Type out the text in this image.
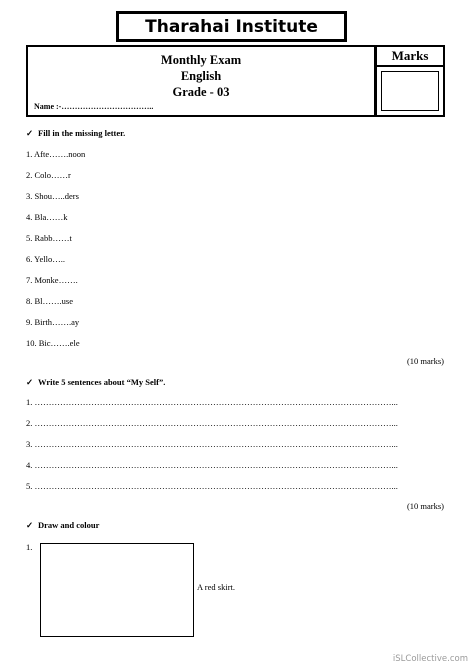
Tharahai Institute
Monthly Exam
English
Grade - 03
Name :-……………………………..
Marks
✓ Fill in the missing letter.
1. Afte…….noon
2. Colo……r
3. Shou…..ders
4. Bla……k
5. Rabb……t
6. Yello…..
7. Monke…….
8. Bl…….use
9. Birth…….ay
10. Bic…….ele
(10 marks)
✓ Write 5 sentences about “My Self”.
1. ………………………………………………………………………………………………………………...
2. ………………………………………………………………………………………………………………...
3. ………………………………………………………………………………………………………………...
4. ………………………………………………………………………………………………………………...
5. ………………………………………………………………………………………………………………...
(10 marks)
✓ Draw and colour
1.
A red skirt.
iSLCollective.com
